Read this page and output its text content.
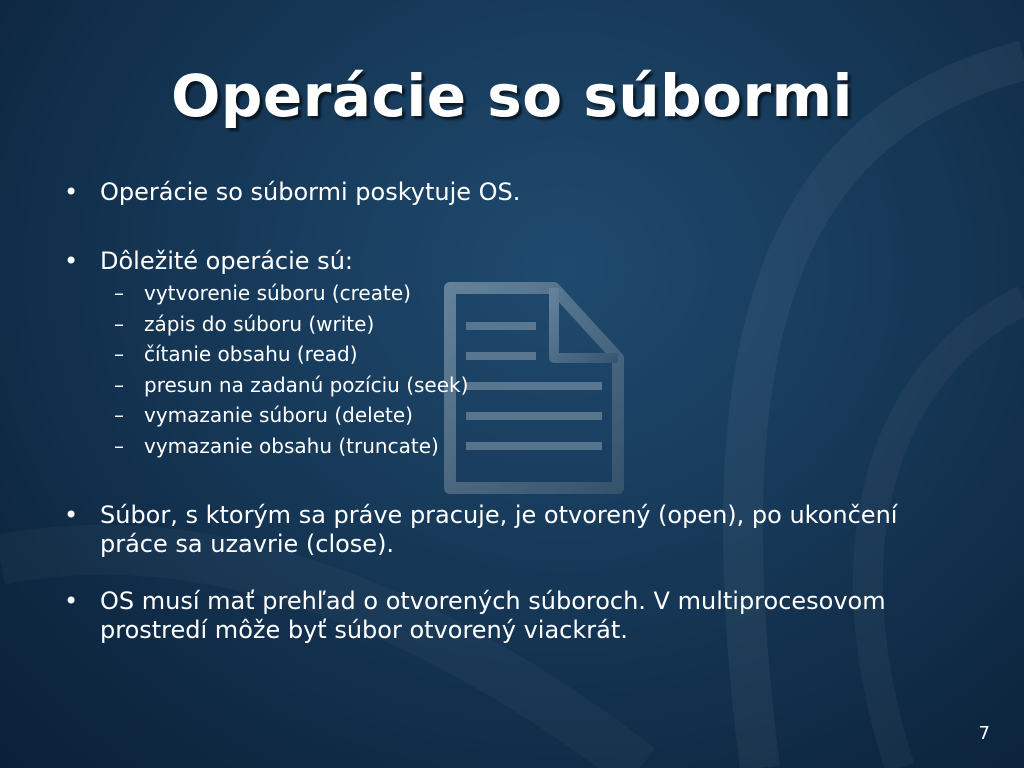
Operácie so súbormi
• Operácie so súbormi poskytuje OS.
• Dôležité operácie sú:
– vytvorenie súboru (create)
– zápis do súboru (write)
– čítanie obsahu (read)
– presun na zadanú pozíciu (seek)
– vymazanie súboru (delete)
– vymazanie obsahu (truncate)
• Súbor, s ktorým sa práve pracuje, je otvorený (open), po ukončení práce sa uzavrie (close).
• OS musí mať prehľad o otvorených súboroch. V multiprocesovom prostredí môže byť súbor otvorený viackrát.
7
